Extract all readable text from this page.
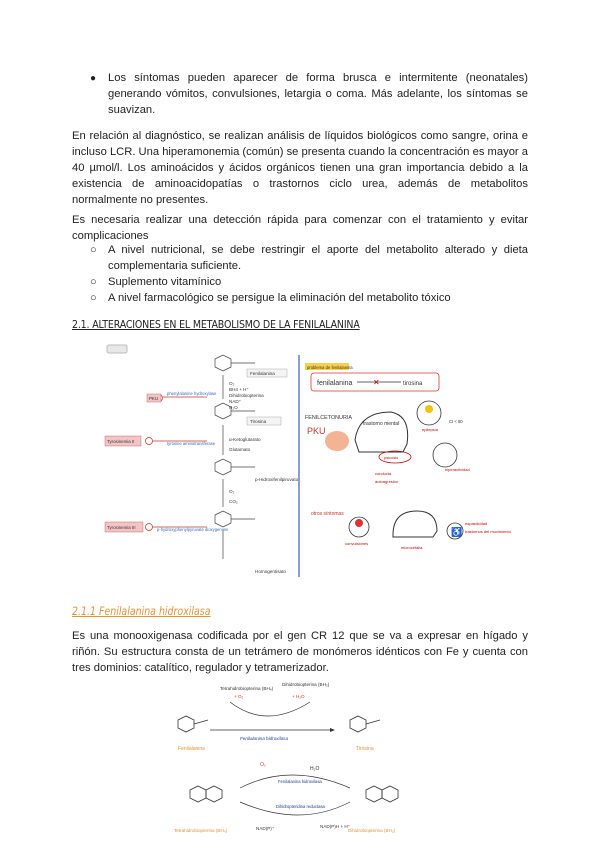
● Los síntomas pueden aparecer de forma brusca e intermitente (neonatales) generando vómitos, convulsiones, letargia o coma. Más adelante, los síntomas se suavizan.

En relación al diagnóstico, se realizan análisis de líquidos biológicos como sangre, orina e incluso LCR. Una hiperamonemia (común) se presenta cuando la concentración es mayor a 40 µmol/l. Los aminoácidos y ácidos orgánicos tienen una gran importancia debido a la existencia de aminoacidopatías o trastornos ciclo urea, además de metabolitos normalmente no presentes.

Es necesaria realizar una detección rápida para comenzar con el tratamiento y evitar complicaciones

○ A nivel nutricional, se debe restringir el aporte del metabolito alterado y dieta complementaria suficiente.
○ Suplemento vitamínico
○ A nivel farmacológico se persigue la eliminación del metabolito tóxico
2.1. ALTERACIONES EN EL METABOLISMO DE LA FENILALANINA
Fenilalanina
Tirosina
p-Hidroxifenilpiruvato
Homogentisato
O₂
BH4 + H⁺
Dihidrobiopterina
NAD⁺
H₂O
α-Ketoglutarato
Glutamato
O₂
CO₂
phenylalanine hydroxylase
tyrosine aminotransferase
p-hydroxyphenylpyruvate dioxygenase
PKU
Tyrosinemia II
Tyrosinemia III
problema de fenilalanina
fenilalanina	✕	tirosina
FENILCETONURIA
PKU
trastorno mental
epilepsia
CI < 50
hiperactividad
psicosis
conducta
autoagresión
otros síntomas
convulsiones
microcefalia
♿
espasticidad
trastornos del movimiento
2.1.1 Fenilalanina hidroxilasa

Es una monooxigenasa codificada por el gen CR 12 que se va a expresar en hígado y riñón. Su estructura consta de un tetrámero de monómeros idénticos con Fe y cuenta con tres dominios: catalítico, regulador y tetramerizador.

Tetrahidrobiopterina (BH₄)
+ O₂
Dihidrobiopterina (BH₂)
+ H₂O
Fenilalanina hidroxilasa
Fenilalanina	Tirosina
O₂
H₂O
Fenilalanina hidroxilasa
Dihidropteridina reductasa
NAD(P)H + H⁺
NAD(P)⁺
Tetrahidrobiopterina (BH₄)	Dihidrobiopterina (BH₂)
